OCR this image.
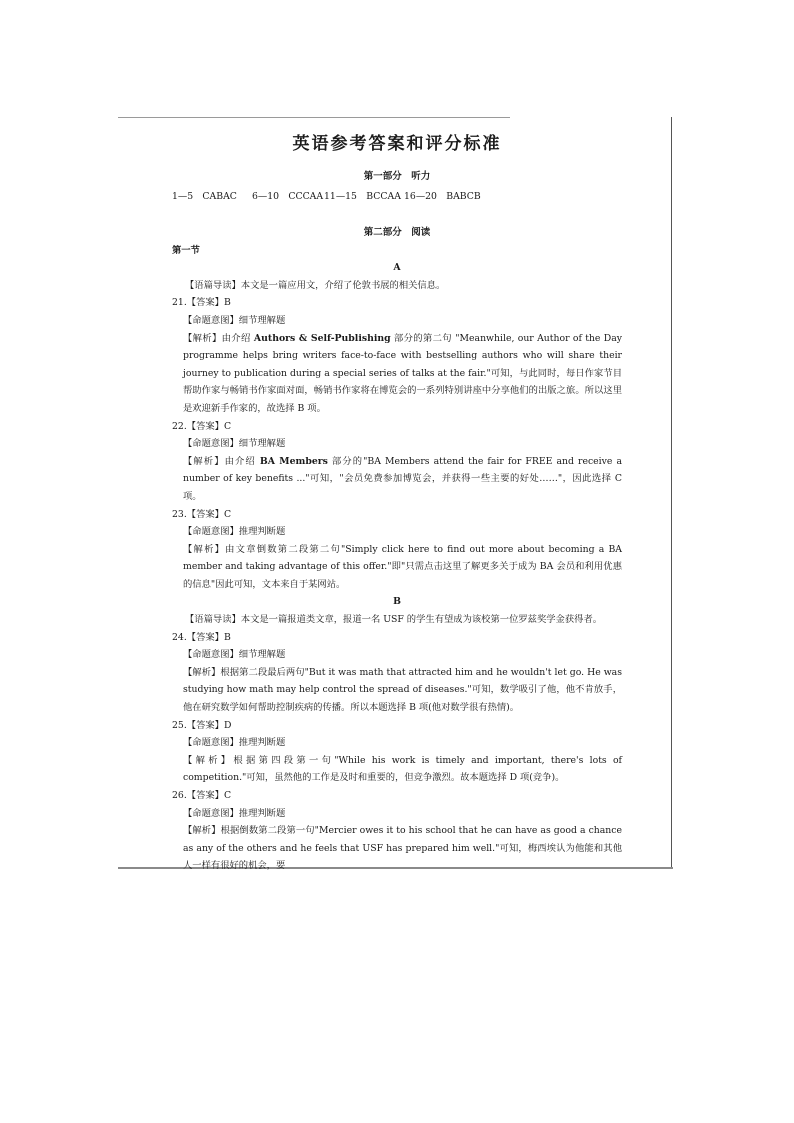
英语参考答案和评分标准
第一部分　听力
1—5　CABAC	6—10　CCCAA 11—15　BCCAA 16—20　BABCB
第二部分　阅读

第一节

A

【语篇导读】本文是一篇应用文，介绍了伦敦书展的相关信息。

21.【答案】B

【命题意图】细节理解题

【解析】由介绍 Authors & Self-Publishing 部分的第二句 "Meanwhile, our Author of the Day programme helps bring writers face-to-face with bestselling authors who will share their journey to publication during a special series of talks at the fair."可知，与此同时，每日作家节目帮助作家与畅销书作家面对面，畅销书作家将在博览会的一系列特别讲座中分享他们的出版之旅。所以这里是欢迎新手作家的，故选择 B 项。

22.【答案】C

【命题意图】细节理解题

【解析】由介绍 BA Members 部分的"BA Members attend the fair for FREE and receive a number of key benefits ..."可知，"会员免费参加博览会，并获得一些主要的好处……"，因此选择 C 项。

23.【答案】C

【命题意图】推理判断题

【解析】由文章倒数第二段第二句"Simply click here to find out more about becoming a BA member and taking advantage of this offer."即"只需点击这里了解更多关于成为 BA 会员和利用优惠的信息"因此可知，文本来自于某网站。

B

【语篇导读】本文是一篇报道类文章，报道一名 USF 的学生有望成为该校第一位罗兹奖学金获得者。

24.【答案】B

【命题意图】细节理解题

【解析】根据第二段最后两句"But it was math that attracted him and he wouldn't let go. He was studying how math may help control the spread of diseases."可知，数学吸引了他，他不肯放手，他在研究数学如何帮助控制疾病的传播。所以本题选择 B 项(他对数学很有热情)。

25.【答案】D

【命题意图】推理判断题

【解析】根据第四段第一句"While his work is timely and important, there's lots of competition."可知，虽然他的工作是及时和重要的，但竞争激烈。故本题选择 D 项(竞争)。

26.【答案】C

【命题意图】推理判断题

【解析】根据倒数第二段第一句"Mercier owes it to his school that he can have as good a chance as any of the others and he feels that USF has prepared him well."可知，梅西埃认为他能和其他人一样有很好的机会，要
